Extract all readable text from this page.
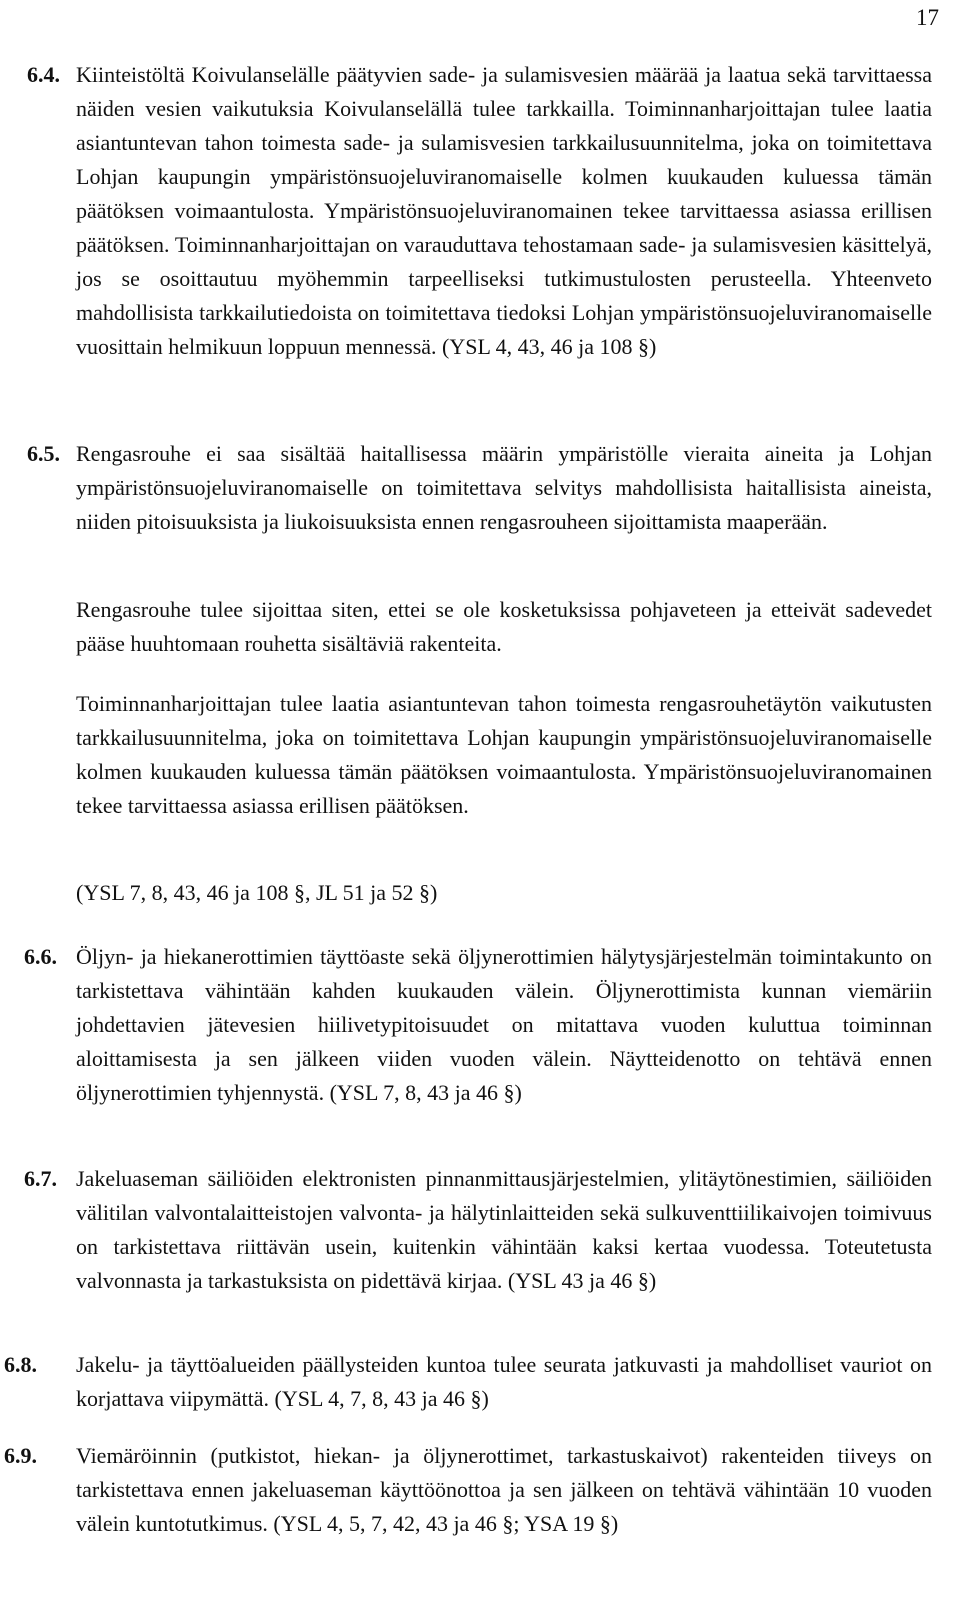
17
6.4. Kiinteistöltä Koivulanselälle päätyvien sade- ja sulamisvesien määrää ja laatua sekä tarvittaessa näiden vesien vaikutuksia Koivulanselällä tulee tarkkailla. Toiminnanharjoittajan tulee laatia asiantuntevan tahon toimesta sade- ja sulamisvesien tarkkailusuunnitelma, joka on toimitettava Lohjan kaupungin ympäristönsuojeluviranomaiselle kolmen kuukauden kuluessa tämän päätöksen voimaantulosta. Ympäristönsuojeluviranomainen tekee tarvittaessa asiassa erillisen päätöksen. Toiminnanharjoittajan on varauduttava tehostamaan sade- ja sulamisvesien käsittelyä, jos se osoittautuu myöhemmin tarpeelliseksi tutkimustulosten perusteella. Yhteenveto mahdollisista tarkkailutiedoista on toimitettava tiedoksi Lohjan ympäristönsuojeluviranomaiselle vuosittain helmikuun loppuun mennessä. (YSL 4, 43, 46 ja 108 §)

6.5. Rengasrouhe ei saa sisältää haitallisessa määrin ympäristölle vieraita aineita ja Lohjan ympäristönsuojeluviranomaiselle on toimitettava selvitys mahdollisista haitallisista aineista, niiden pitoisuuksista ja liukoisuuksista ennen rengasrouheen sijoittamista maaperään.

Rengasrouhe tulee sijoittaa siten, ettei se ole kosketuksissa pohjaveteen ja etteivät sadevedet pääse huuhtomaan rouhetta sisältäviä rakenteita.

Toiminnanharjoittajan tulee laatia asiantuntevan tahon toimesta rengasrouhetäytön vaikutusten tarkkailusuunnitelma, joka on toimitettava Lohjan kaupungin ympäristönsuojeluviranomaiselle kolmen kuukauden kuluessa tämän päätöksen voimaantulosta. Ympäristönsuojeluviranomainen tekee tarvittaessa asiassa erillisen päätöksen.

(YSL 7, 8, 43, 46 ja 108 §, JL 51 ja 52 §)

6.6. Öljyn- ja hiekanerottimien täyttöaste sekä öljynerottimien hälytysjärjestelmän toimintakunto on tarkistettava vähintään kahden kuukauden välein. Öljynerottimista kunnan viemäriin johdettavien jätevesien hiilivetypitoisuudet on mitattava vuoden kuluttua toiminnan aloittamisesta ja sen jälkeen viiden vuoden välein. Näytteidenotto on tehtävä ennen öljynerottimien tyhjennystä. (YSL 7, 8, 43 ja 46 §)

6.7. Jakeluaseman säiliöiden elektronisten pinnanmittausjärjestelmien, ylitäytönestimien, säiliöiden välitilan valvontalaitteistojen valvonta- ja hälytinlaitteiden sekä sulkuventtiilikaivojen toimivuus on tarkistettava riittävän usein, kuitenkin vähintään kaksi kertaa vuodessa. Toteutetusta valvonnasta ja tarkastuksista on pidettävä kirjaa. (YSL 43 ja 46 §)

6.8. Jakelu- ja täyttöalueiden päällysteiden kuntoa tulee seurata jatkuvasti ja mahdolliset vauriot on korjattava viipymättä. (YSL 4, 7, 8, 43 ja 46 §)

6.9. Viemäröinnin (putkistot, hiekan- ja öljynerottimet, tarkastuskaivot) rakenteiden tiiveys on tarkistettava ennen jakeluaseman käyttöönottoa ja sen jälkeen on tehtävä vähintään 10 vuoden välein kuntotutkimus. (YSL 4, 5, 7, 42, 43 ja 46 §; YSA 19 §)
